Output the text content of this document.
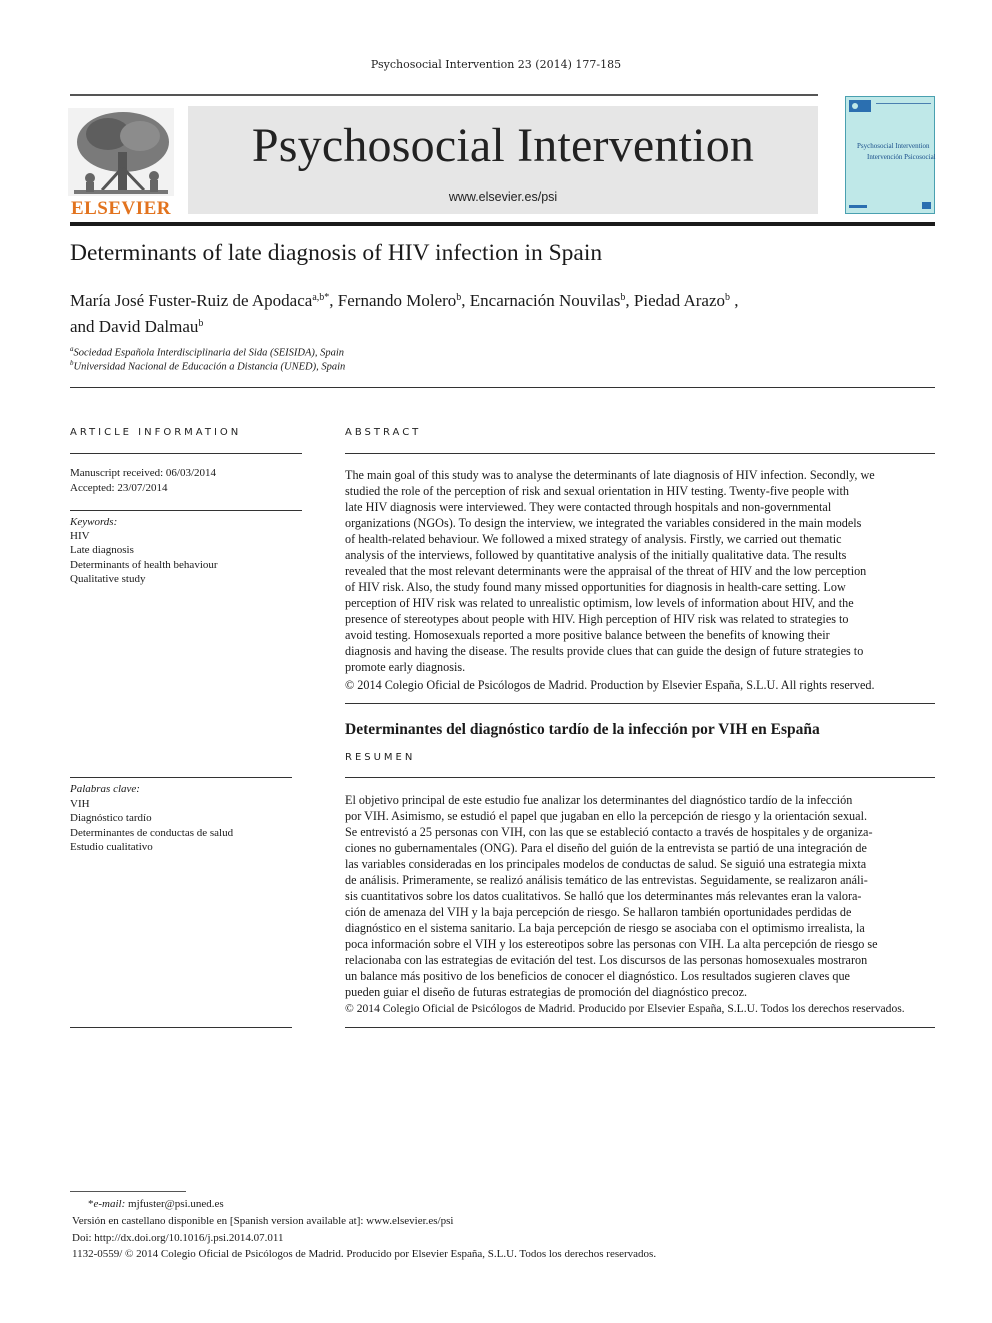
Psychosocial Intervention 23 (2014) 177-185
ELSEVIER
Psychosocial Intervention
www.elsevier.es/psi
Psychosocial Intervention
Intervención Psicosocial
Determinants of late diagnosis of HIV infection in Spain
María José Fuster-Ruiz de Apodaca$^{a,b*}$, Fernando Molero$^b$, Encarnación Nouvilas$^b$, Piedad Arazo$^b$ ,
and David Dalmau$^b$
$^a$Sociedad Española Interdisciplinaria del Sida (SEISIDA), Spain
$^b$Universidad Nacional de Educación a Distancia (UNED), Spain
ARTICLE INFORMATION
Manuscript received: 06/03/2014
Accepted: 23/07/2014
Keywords:
HIV
Late diagnosis
Determinants of health behaviour
Qualitative study
ABSTRACT
The main goal of this study was to analyse the determinants of late diagnosis of HIV infection. Secondly, we
studied the role of the perception of risk and sexual orientation in HIV testing. Twenty-five people with
late HIV diagnosis were interviewed. They were contacted through hospitals and non-governmental
organizations (NGOs). To design the interview, we integrated the variables considered in the main models
of health-related behaviour. We followed a mixed strategy of analysis. Firstly, we carried out thematic
analysis of the interviews, followed by quantitative analysis of the initially qualitative data. The results
revealed that the most relevant determinants were the appraisal of the threat of HIV and the low perception
of HIV risk. Also, the study found many missed opportunities for diagnosis in health-care setting. Low
perception of HIV risk was related to unrealistic optimism, low levels of information about HIV, and the
presence of stereotypes about people with HIV. High perception of HIV risk was related to strategies to
avoid testing. Homosexuals reported a more positive balance between the benefits of knowing their
diagnosis and having the disease. The results provide clues that can guide the design of future strategies to
promote early diagnosis.
© 2014 Colegio Oficial de Psicólogos de Madrid. Production by Elsevier España, S.L.U. All rights reserved.
Determinantes del diagnóstico tardío de la infección por VIH en España
RESUMEN
Palabras clave:
VIH
Diagnóstico tardío
Determinantes de conductas de salud
Estudio cualitativo
El objetivo principal de este estudio fue analizar los determinantes del diagnóstico tardío de la infección
por VIH. Asimismo, se estudió el papel que jugaban en ello la percepción de riesgo y la orientación sexual.
Se entrevistó a 25 personas con VIH, con las que se estableció contacto a través de hospitales y de organiza-
ciones no gubernamentales (ONG). Para el diseño del guión de la entrevista se partió de una integración de
las variables consideradas en los principales modelos de conductas de salud. Se siguió una estrategia mixta
de análisis. Primeramente, se realizó análisis temático de las entrevistas. Seguidamente, se realizaron análi-
sis cuantitativos sobre los datos cualitativos. Se halló que los determinantes más relevantes eran la valora-
ción de amenaza del VIH y la baja percepción de riesgo. Se hallaron también oportunidades perdidas de
diagnóstico en el sistema sanitario. La baja percepción de riesgo se asociaba con el optimismo irrealista, la
poca información sobre el VIH y los estereotipos sobre las personas con VIH. La alta percepción de riesgo se
relacionaba con las estrategias de evitación del test. Los discursos de las personas homosexuales mostraron
un balance más positivo de los beneficios de conocer el diagnóstico. Los resultados sugieren claves que
pueden guiar el diseño de futuras estrategias de promoción del diagnóstico precoz.
© 2014 Colegio Oficial de Psicólogos de Madrid. Producido por Elsevier España, S.L.U. Todos los derechos reservados.
*e-mail: mjfuster@psi.uned.es
Versión en castellano disponible en [Spanish version available at]: www.elsevier.es/psi
Doi: http://dx.doi.org/10.1016/j.psi.2014.07.011
1132-0559/ © 2014 Colegio Oficial de Psicólogos de Madrid. Producido por Elsevier España, S.L.U. Todos los derechos reservados.
